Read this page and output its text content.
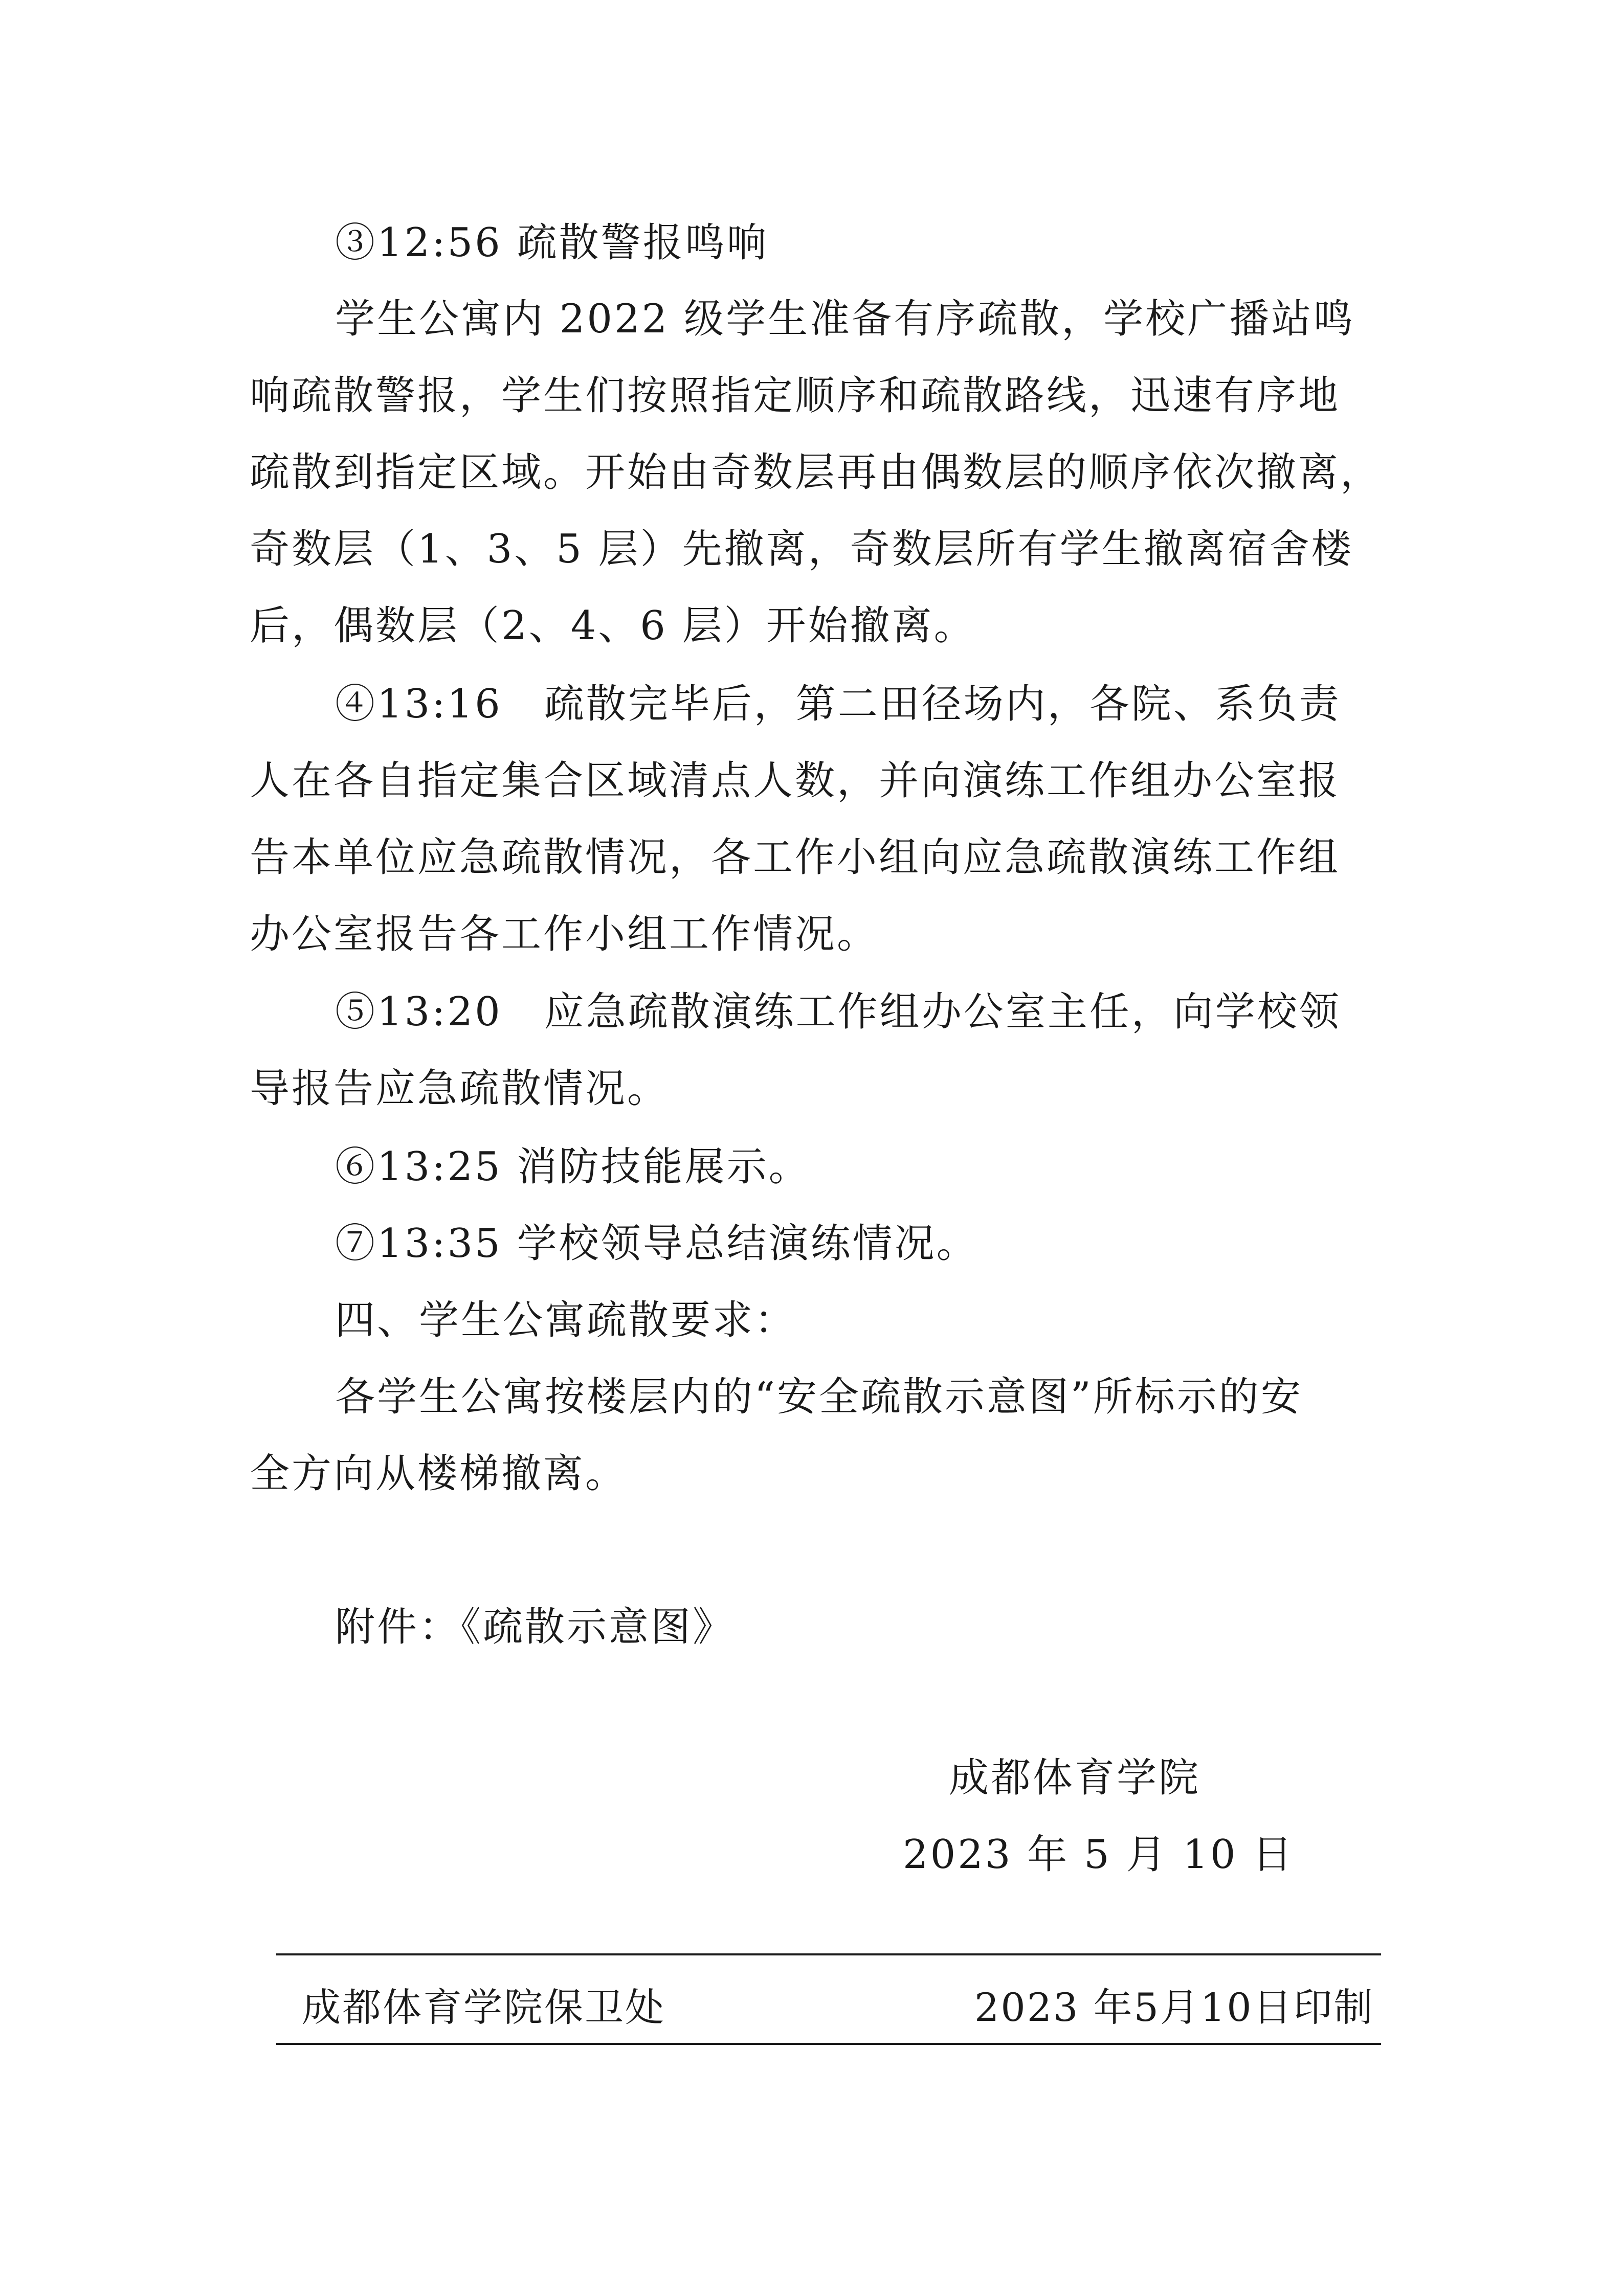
③12:56 疏散警报鸣响
学生公寓内 2022 级学生准备有序疏散，学校广播站鸣
响疏散警报，学生们按照指定顺序和疏散路线，迅速有序地
疏散到指定区域。开始由奇数层再由偶数层的顺序依次撤离，
奇数层（1、3、5 层）先撤离，奇数层所有学生撤离宿舍楼
后，偶数层（2、4、6 层）开始撤离。
④13:16　疏散完毕后，第二田径场内，各院、系负责
人在各自指定集合区域清点人数，并向演练工作组办公室报
告本单位应急疏散情况，各工作小组向应急疏散演练工作组
办公室报告各工作小组工作情况。
⑤13:20　应急疏散演练工作组办公室主任，向学校领
导报告应急疏散情况。
⑥13:25 消防技能展示。
⑦13:35 学校领导总结演练情况。
四、学生公寓疏散要求：
各学生公寓按楼层内的“安全疏散示意图”所标示的安
全方向从楼梯撤离。
附件：《疏散示意图》
成都体育学院
2023 年 5 月 10 日
成都体育学院保卫处	2023 年5月10日印制
